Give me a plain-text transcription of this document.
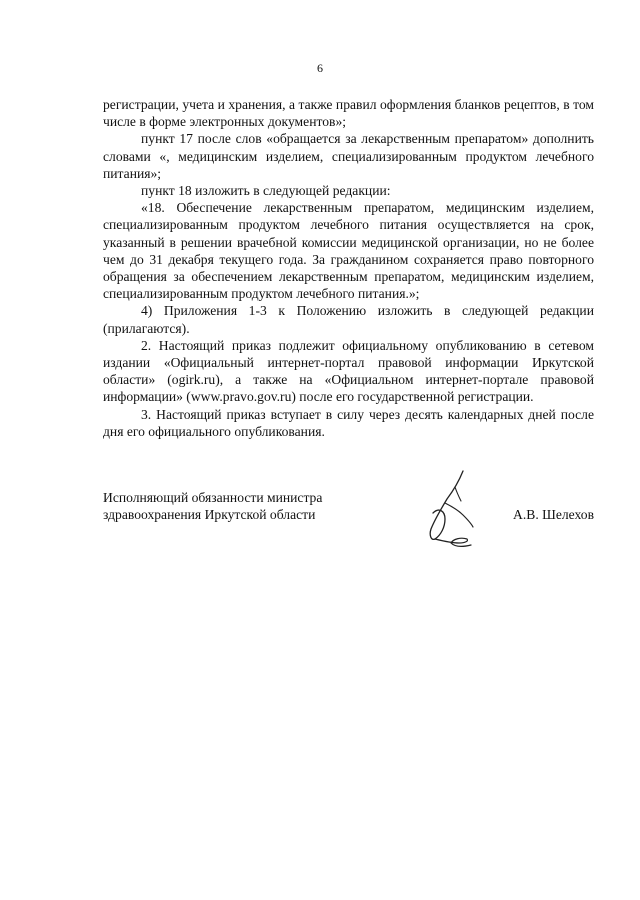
6

регистрации, учета и хранения, а также правил оформления бланков рецептов, в том числе в форме электронных документов»;

пункт 17 после слов «обращается за лекарственным препаратом» дополнить словами «, медицинским изделием, специализированным продуктом лечебного питания»;

пункт 18 изложить в следующей редакции:

«18. Обеспечение лекарственным препаратом, медицинским изделием, специализированным продуктом лечебного питания осуществляется на срок, указанный в решении врачебной комиссии медицинской организации, но не более чем до 31 декабря текущего года. За гражданином сохраняется право повторного обращения за обеспечением лекарственным препаратом, медицинским изделием, специализированным продуктом лечебного питания.»;

4) Приложения 1-3 к Положению изложить в следующей редакции (прилагаются).

2. Настоящий приказ подлежит официальному опубликованию в сетевом издании «Официальный интернет-портал правовой информации Иркутской области» (ogirk.ru), а также на «Официальном интернет-портале правовой информации» (www.pravo.gov.ru) после его государственной регистрации.

3. Настоящий приказ вступает в силу через десять календарных дней после дня его официального опубликования.

Исполняющий обязанности министра
здравоохранения Иркутской области	А.В. Шелехов
